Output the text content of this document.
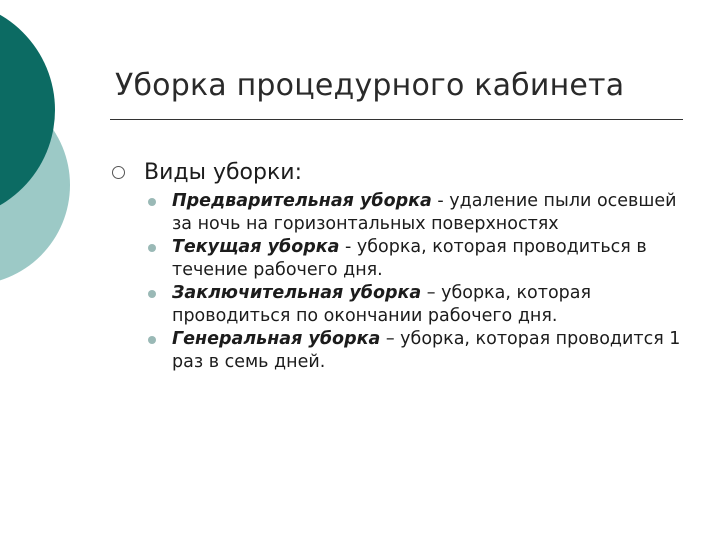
Уборка процедурного кабинета
Виды уборки:
Предварительная уборка - удаление пыли осевшей за ночь на горизонтальных поверхностях
Текущая уборка - уборка, которая проводиться в течение рабочего дня.
Заключительная уборка – уборка, которая проводиться по окончании рабочего дня.
Генеральная уборка – уборка, которая проводится 1 раз в семь дней.
